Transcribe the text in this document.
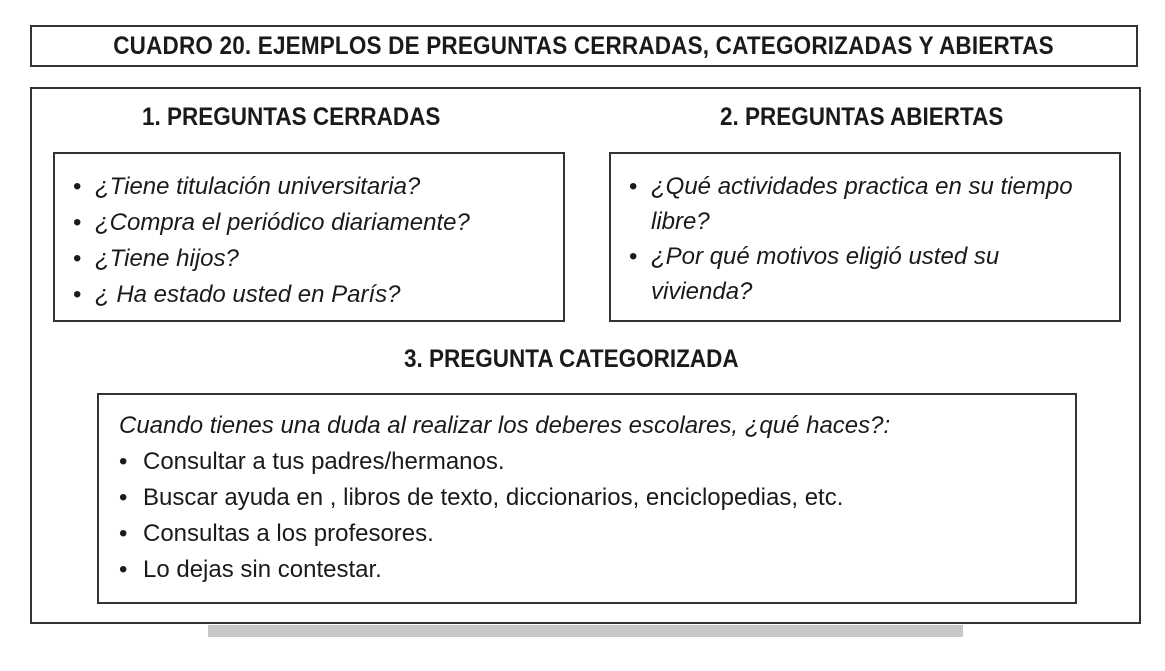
CUADRO 20. EJEMPLOS DE PREGUNTAS CERRADAS, CATEGORIZADAS Y ABIERTAS
1. PREGUNTAS CERRADAS
• ¿Tiene titulación universitaria?
• ¿Compra el periódico diariamente?
• ¿Tiene hijos?
• ¿ Ha estado usted en París?
2. PREGUNTAS ABIERTAS
• ¿Qué actividades practica en su tiempo libre?
• ¿Por qué motivos eligió usted su vivienda?
3. PREGUNTA CATEGORIZADA
Cuando tienes una duda al realizar los deberes escolares, ¿qué haces?:
• Consultar a tus padres/hermanos.
• Buscar ayuda en , libros de texto, diccionarios, enciclopedias, etc.
• Consultas a los profesores.
• Lo dejas sin contestar.
